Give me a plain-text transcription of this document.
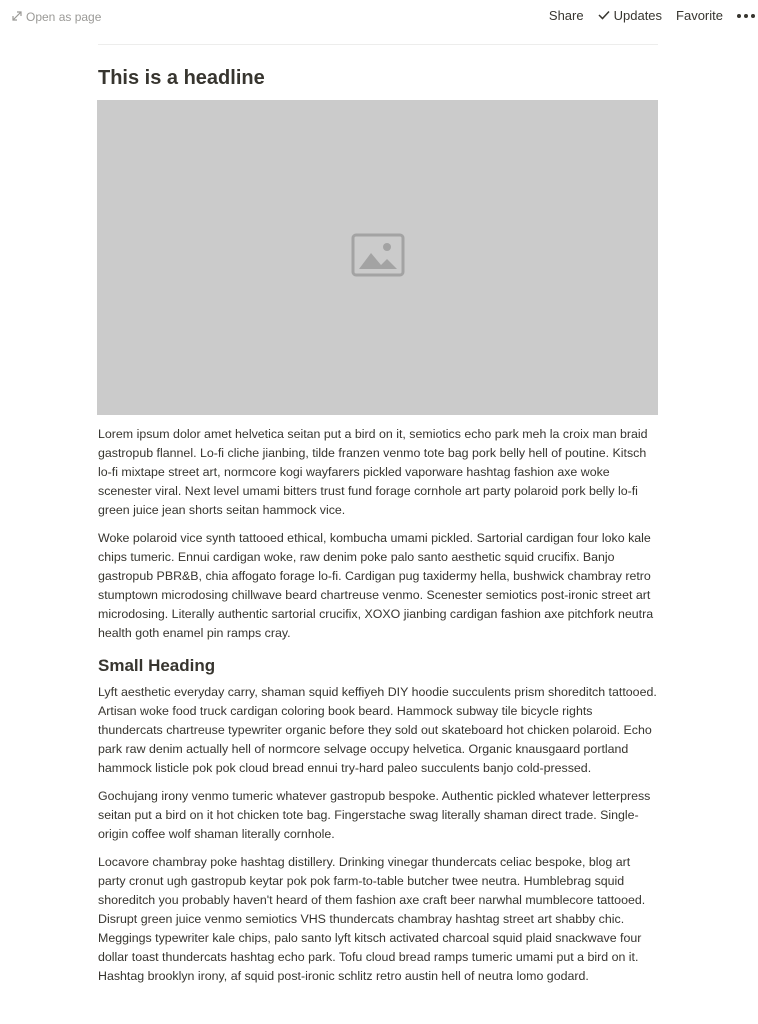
Open as page	Share Updates Favorite
This is a headline

Lorem ipsum dolor amet helvetica seitan put a bird on it, semiotics echo park meh la croix man braid gastropub flannel. Lo-fi cliche jianbing, tilde franzen venmo tote bag pork belly hell of poutine. Kitsch lo-fi mixtape street art, normcore kogi wayfarers pickled vaporware hashtag fashion axe woke scenester viral. Next level umami bitters trust fund forage cornhole art party polaroid pork belly lo-fi green juice jean shorts seitan hammock vice.

Woke polaroid vice synth tattooed ethical, kombucha umami pickled. Sartorial cardigan four loko kale chips tumeric. Ennui cardigan woke, raw denim poke palo santo aesthetic squid crucifix. Banjo gastropub PBR&B, chia affogato forage lo-fi. Cardigan pug taxidermy hella, bushwick chambray retro stumptown microdosing chillwave beard chartreuse venmo. Scenester semiotics post-ironic street art microdosing. Literally authentic sartorial crucifix, XOXO jianbing cardigan fashion axe pitchfork neutra health goth enamel pin ramps cray.

Small Heading

Lyft aesthetic everyday carry, shaman squid keffiyeh DIY hoodie succulents prism shoreditch tattooed. Artisan woke food truck cardigan coloring book beard. Hammock subway tile bicycle rights thundercats chartreuse typewriter organic before they sold out skateboard hot chicken polaroid. Echo park raw denim actually hell of normcore selvage occupy helvetica. Organic knausgaard portland hammock listicle pok pok cloud bread ennui try-hard paleo succulents banjo cold-pressed.

Gochujang irony venmo tumeric whatever gastropub bespoke. Authentic pickled whatever letterpress seitan put a bird on it hot chicken tote bag. Fingerstache swag literally shaman direct trade. Single-origin coffee wolf shaman literally cornhole.

Locavore chambray poke hashtag distillery. Drinking vinegar thundercats celiac bespoke, blog art party cronut ugh gastropub keytar pok pok farm-to-table butcher twee neutra. Humblebrag squid shoreditch you probably haven't heard of them fashion axe craft beer narwhal mumblecore tattooed. Disrupt green juice venmo semiotics VHS thundercats chambray hashtag street art shabby chic. Meggings typewriter kale chips, palo santo lyft kitsch activated charcoal squid plaid snackwave four dollar toast thundercats hashtag echo park. Tofu cloud bread ramps tumeric umami put a bird on it. Hashtag brooklyn irony, af squid post-ironic schlitz retro austin hell of neutra lomo godard.
